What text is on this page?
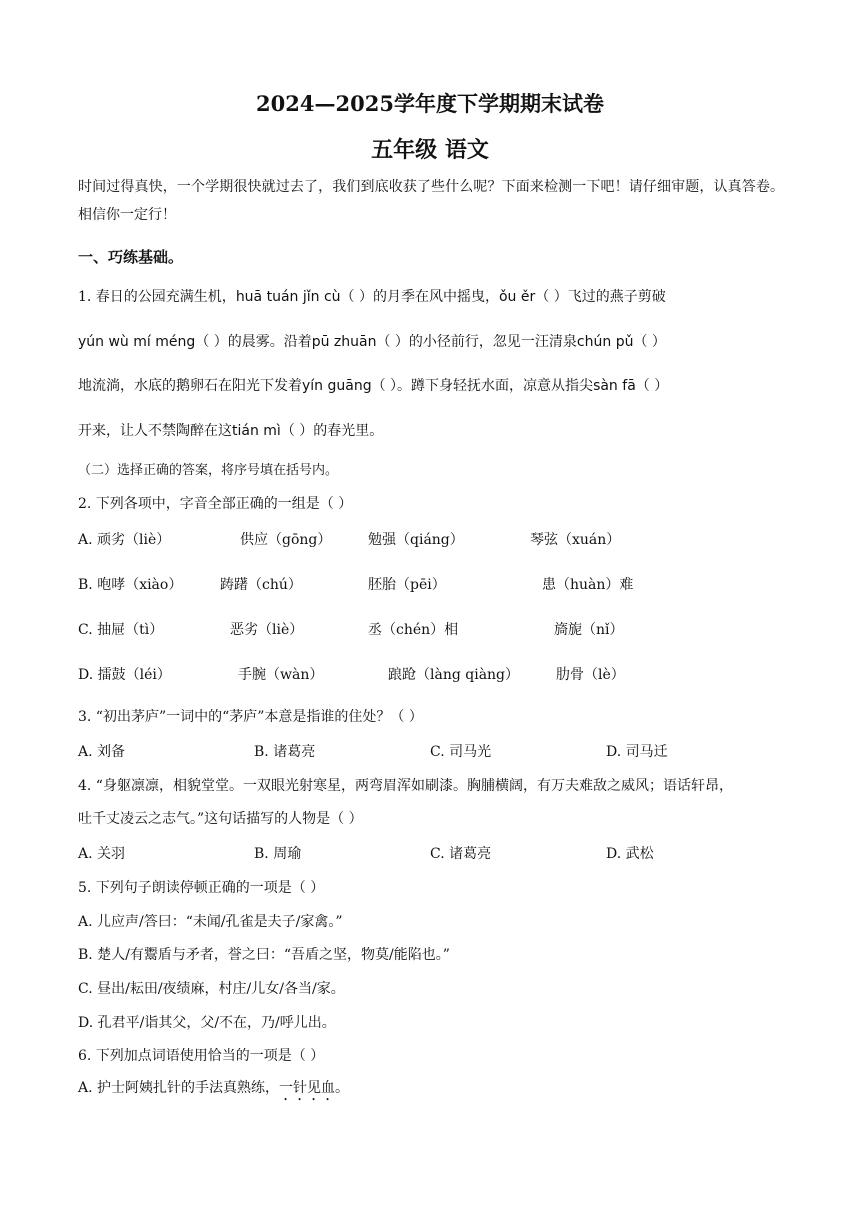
2024—2025学年度下学期期末试卷
五年级 语文
时间过得真快，一个学期很快就过去了，我们到底收获了些什么呢？下面来检测一下吧！请仔细审题，认真答卷。相信你一定行！
一、巧练基础。
1. 春日的公园充满生机，huā tuán jǐn cù（ ）的月季在风中摇曳，ǒu ěr（ ）飞过的燕子剪破
yún wù mí méng（ ）的晨雾。沿着pū zhuān（ ）的小径前行，忽见一汪清泉chún pǔ（ ）
地流淌，水底的鹅卵石在阳光下发着yín guāng（ ）。蹲下身轻抚水面，凉意从指尖sàn fā（ ）
开来，让人不禁陶醉在这tián mì（ ）的春光里。
（二）选择正确的答案，将序号填在括号内。
2. 下列各项中，字音全部正确的一组是（ ）
A. 顽劣（liè）	供应（gōng）	勉强（qiáng）	琴弦（xuán）
B. 咆哮（xiào）	踌躇（chú）	胚胎（pēi）	患（huàn）难
C. 抽屉（tì）	恶劣（liè）	丞（chén）相	旖旎（nǐ）
D. 擂鼓（léi）	手腕（wàn）	踉跄（làng qiàng）	肋骨（lè）
3. “初出茅庐”一词中的“茅庐”本意是指谁的住处？（ ）
A. 刘备	B. 诸葛亮	C. 司马光	D. 司马迁
4. “身躯凛凛，相貌堂堂。一双眼光射寒星，两弯眉浑如刷漆。胸脯横阔，有万夫难敌之威风；语话轩昂，
吐千丈凌云之志气。”这句话描写的人物是（ ）
A. 关羽	B. 周瑜	C. 诸葛亮	D. 武松
5. 下列句子朗读停顿正确的一项是（ ）
A. 儿应声/答曰：“未闻/孔雀是夫子/家禽。”
B. 楚人/有鬻盾与矛者，誉之曰：“吾盾之坚，物莫/能陷也。”
C. 昼出/耘田/夜绩麻，村庄/儿女/各当/家。
D. 孔君平/诣其父，父/不在，乃/呼儿出。
6. 下列加点词语使用恰当的一项是（ ）
A. 护士阿姨扎针的手法真熟练，一针见血。
